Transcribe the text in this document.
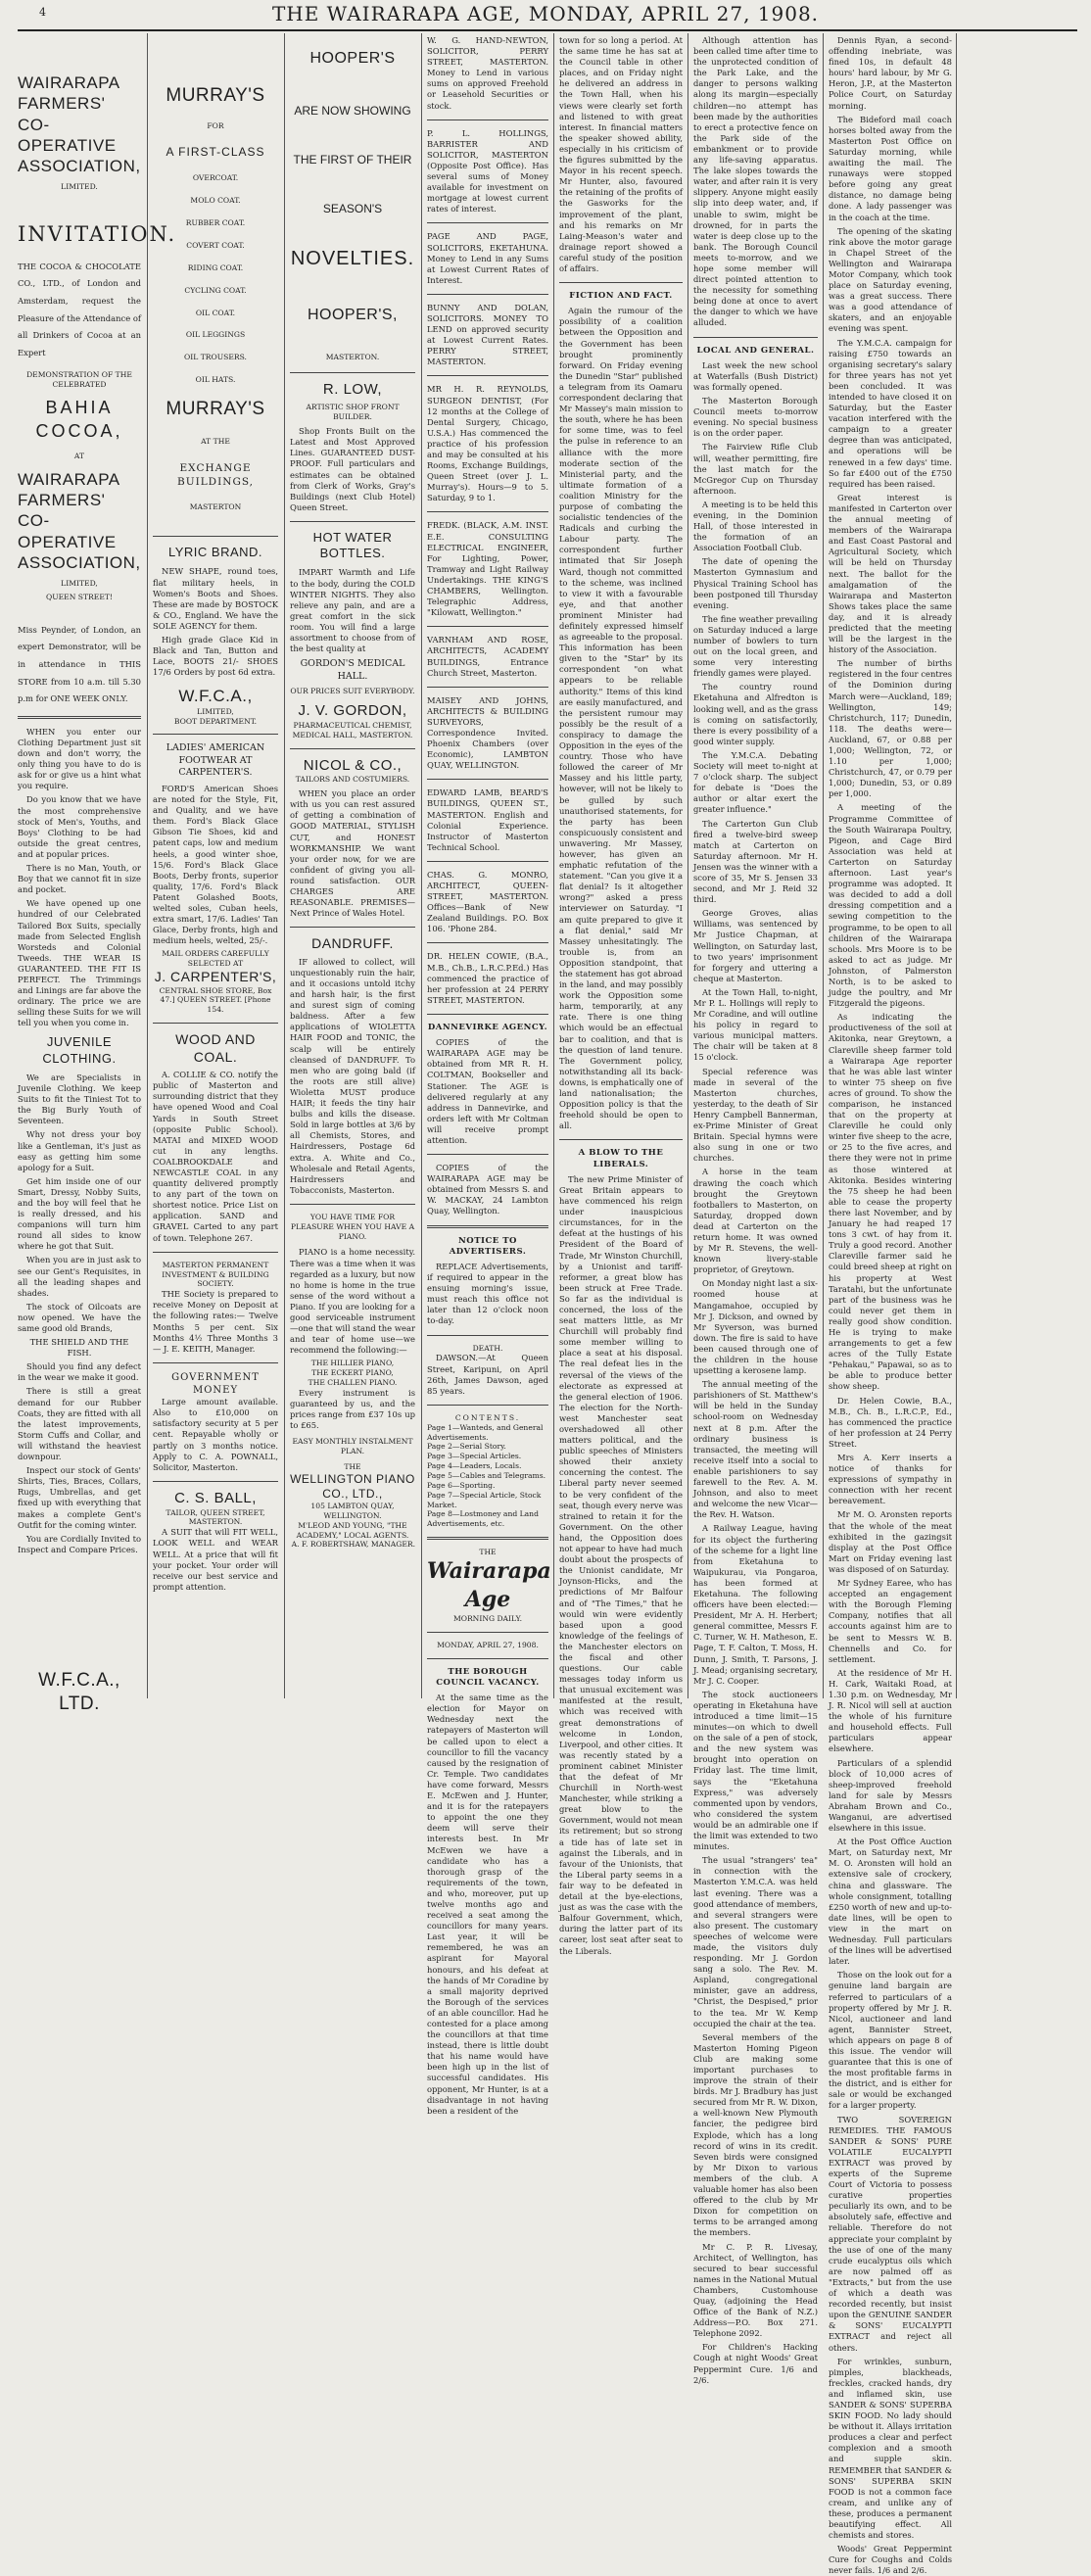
4	THE WAIRARAPA AGE, MONDAY, APRIL 27, 1908.
WAIRARAPA FARMERS' CO-OPERATIVE ASSOCIATION,
LIMITED.
INVITATION.
THE COCOA & CHOCOLATE CO., LTD., of London and Amsterdam, request the Pleasure of the Attendance of all Drinkers of Cocoa at an Expert
DEMONSTRATION OF THE CELEBRATED
BAHIA COCOA,
AT
WAIRARAPA FARMERS' CO-OPERATIVE ASSOCIATION,
LIMITED,
QUEEN STREET!
Miss Peynder, of London, an expert Demonstrator, will be in attendance in THIS STORE from 10 a.m. till 5.30 p.m for ONE WEEK ONLY.

WHEN you enter our Clothing Department just sit down and don't worry, the only thing you have to do is ask for or give us a hint what you require.

Do you know that we have the most comprehensive stock of Men's, Youths, and Boys' Clothing to be had outside the great centres, and at popular prices.

There is no Man, Youth, or Boy that we cannot fit in size and pocket.

We have opened up one hundred of our Celebrated Tailored Box Suits, specially made from Selected English Worsteds and Colonial Tweeds. THE WEAR IS GUARANTEED. THE FIT IS PERFECT. The Trimmings and Linings are far above the ordinary. The price we are selling these Suits for we will tell you when you come in.

JUVENILE CLOTHING.

We are Specialists in Juvenile Clothing. We keep Suits to fit the Tiniest Tot to the Big Burly Youth of Seventeen.

Why not dress your boy like a Gentleman, it's just as easy as getting him some apology for a Suit.

Get him inside one of our Smart, Dressy, Nobby Suits, and the boy will feel that he is really dressed, and his companions will turn him round all sides to know where he got that Suit.

When you are in just ask to see our Gent's Requisites, in all the leading shapes and shades.

The stock of Oilcoats are now opened. We have the same good old Brands,

THE SHIELD AND THE FISH.

Should you find any defect in the wear we make it good.

There is still a great demand for our Rubber Coats, they are fitted with all the latest improvements, Storm Cuffs and Collar, and will withstand the heaviest downpour.

Inspect our stock of Gents' Shirts, Ties, Braces, Collars, Rugs, Umbrellas, and get fixed up with everything that makes a complete Gent's Outfit for the coming winter.

You are Cordially Invited to Inspect and Compare Prices.

W.F.C.A., LTD.
MURRAY'S
FOR
A FIRST-CLASS
OVERCOAT.
MOLO COAT.
RUBBER COAT.
COVERT COAT.
RIDING COAT.
CYCLING COAT.
OIL COAT.
OIL LEGGINGS
OIL TROUSERS.
OIL HATS.
MURRAY'S
AT THE
EXCHANGE BUILDINGS,
MASTERTON
LYRIC BRAND.

NEW SHAPE, round toes, flat military heels, in Women's Boots and Shoes. These are made by BOSTOCK & CO., England. We have the SOLE AGENCY for them.

High grade Glace Kid in Black and Tan, Button and Lace, BOOTS 21/- SHOES 17/6 Orders by post 6d extra.

W.F.C.A.,
LIMITED,
BOOT DEPARTMENT.
LADIES' AMERICAN FOOTWEAR AT CARPENTER'S.

FORD'S American Shoes are noted for the Style, Fit, and Quality, and we have them. Ford's Black Glace Gibson Tie Shoes, kid and patent caps, low and medium heels, a good winter shoe, 15/6. Ford's Black Glace Boots, Derby fronts, superior quality, 17/6. Ford's Black Patent Golashed Boots, welted soles, Cuban heels, extra smart, 17/6. Ladies' Tan Glace, Derby fronts, high and medium heels, welted, 25/-.

MAIL ORDERS CAREFULLY SELECTED AT
J. CARPENTER'S,
CENTRAL SHOE STORE, Box 47.] QUEEN STREET. [Phone 154.
WOOD AND COAL.

A. COLLIE & CO. notify the public of Masterton and surrounding district that they have opened Wood and Coal Yards in South Street (opposite Public School). MATAI and MIXED WOOD cut in any lengths. COALBROOKDALE and NEWCASTLE COAL in any quantity delivered promptly to any part of the town on shortest notice. Price List on application. SAND and GRAVEL Carted to any part of town. Telephone 267.

MASTERTON PERMANENT INVESTMENT & BUILDING SOCIETY.

THE Society is prepared to receive Money on Deposit at the following rates:— Twelve Months 5 per cent. Six Months 4½ Three Months 3 — J. E. KEITH, Manager.

GOVERNMENT MONEY

Large amount available. Also to £10,000 on satisfactory security at 5 per cent. Repayable wholly or partly on 3 months notice. Apply to C. A. POWNALL, Solicitor, Masterton.

C. S. BALL,
TAILOR, QUEEN STREET, MASTERTON.

A SUIT that will FIT WELL, LOOK WELL and WEAR WELL. At a price that will fit your pocket. Your order will receive our best service and prompt attention.

HOOPER'S
ARE NOW SHOWING
THE FIRST OF THEIR
SEASON'S
NOVELTIES.
HOOPER'S,
MASTERTON.
R. LOW,
ARTISTIC SHOP FRONT BUILDER.

Shop Fronts Built on the Latest and Most Approved Lines. GUARANTEED DUST-PROOF. Full particulars and estimates can be obtained from Clerk of Works, Gray's Buildings (next Club Hotel) Queen Street.

HOT WATER BOTTLES.

IMPART Warmth and Life to the body, during the COLD WINTER NIGHTS. They also relieve any pain, and are a great comfort in the sick room. You will find a large assortment to choose from of the best quality at

GORDON'S MEDICAL HALL.
OUR PRICES SUIT EVERYBODY.
J. V. GORDON,
PHARMACEUTICAL CHEMIST, MEDICAL HALL, MASTERTON.
NICOL & CO.,
TAILORS AND COSTUMIERS.

WHEN you place an order with us you can rest assured of getting a combination of GOOD MATERIAL, STYLISH CUT, and HONEST WORKMANSHIP. We want your order now, for we are confident of giving you all-round satisfaction. OUR CHARGES ARE REASONABLE. PREMISES—Next Prince of Wales Hotel.

DANDRUFF.

IF allowed to collect, will unquestionably ruin the hair, and it occasions untold itchy and harsh hair, is the first and surest sign of coming baldness. After a few applications of WIOLETTA HAIR FOOD and TONIC, the scalp will be entirely cleansed of DANDRUFF. To men who are going bald (if the roots are still alive) Wioletta MUST produce HAIR; it feeds the tiny hair bulbs and kills the disease. Sold in large bottles at 3/6 by all Chemists, Stores, and Hairdressers, Postage 6d extra. A. White and Co., Wholesale and Retail Agents, Hairdressers and Tobacconists, Masterton.

YOU HAVE TIME FOR PLEASURE WHEN YOU HAVE A PIANO.

PIANO is a home necessity. There was a time when it was regarded as a luxury, but now no home is home in the true sense of the word without a Piano. If you are looking for a good serviceable instrument—one that will stand the wear and tear of home use—we recommend the following:—

THE HILLIER PIANO,
THE ECKERT PIANO,
THE CHALLEN PIANO.

Every instrument is guaranteed by us, and the prices range from £37 10s up to £65.

EASY MONTHLY INSTALMENT PLAN.
THE
WELLINGTON PIANO CO., LTD.,
105 LAMBTON QUAY, WELLINGTON.
M'LEOD AND YOUNG, "THE ACADEMY," LOCAL AGENTS.
A. F. ROBERTSHAW, MANAGER.
W. G. HAND-NEWTON, SOLICITOR, PERRY STREET, MASTERTON. Money to Lend in various sums on approved Freehold or Leasehold Securities or stock.
P. L. HOLLINGS, BARRISTER AND SOLICITOR, MASTERTON (Opposite Post Office). Has several sums of Money available for investment on mortgage at lowest current rates of interest.
PAGE AND PAGE, SOLICITORS, EKETAHUNA. Money to Lend in any Sums at Lowest Current Rates of Interest.
BUNNY AND DOLAN, SOLICITORS. MONEY TO LEND on approved security at Lowest Current Rates. PERRY STREET, MASTERTON.
MR H. R. REYNOLDS, SURGEON DENTIST, (For 12 months at the College of Dental Surgery, Chicago, U.S.A.) Has commenced the practice of his profession and may be consulted at his Rooms, Exchange Buildings, Queen Street (over J. L. Murray's). Hours—9 to 5. Saturday, 9 to 1.
FREDK. (BLACK, A.M. INST. E.E. CONSULTING ELECTRICAL ENGINEER, For Lighting, Power, Tramway and Light Railway Undertakings. THE KING'S CHAMBERS, Wellington. Telegraphic Address, "Kilowatt, Wellington."
VARNHAM AND ROSE, ARCHITECTS, ACADEMY BUILDINGS, Entrance Church Street, Masterton.
MAISEY AND JOHNS, ARCHITECTS & BUILDING SURVEYORS, Correspondence Invited. Phoenix Chambers (over Economic), LAMBTON QUAY, WELLINGTON.
EDWARD LAMB, BEARD'S BUILDINGS, QUEEN ST., MASTERTON. English and Colonial Experience. Instructor of Masterton Technical School.
CHAS. G. MONRO, ARCHITECT, QUEEN-STREET, MASTERTON. Offices—Bank of New Zealand Buildings. P.O. Box 106. 'Phone 284.
DR. HELEN COWIE, (B.A., M.B., Ch.B., L.R.C.P.Ed.) Has commenced the practice of her profession at 24 PERRY STREET, MASTERTON.
DANNEVIRKE AGENCY.

COPIES of the WAIRARAPA AGE may be obtained from MR R. H. COLTMAN, Bookseller and Stationer. The AGE is delivered regularly at any address in Dannevirke, and orders left with Mr Coltman will receive prompt attention.

COPIES of the WAIRARAPA AGE may be obtained from Messrs S. and W. MACKAY, 24 Lambton Quay, Wellington.

NOTICE TO ADVERTISERS.

REPLACE Advertisements, if required to appear in the ensuing morning's issue, must reach this office not later than 12 o'clock noon to-day.

DEATH.

DAWSON.—At Queen Street, Karipuni, on April 26th, James Dawson, aged 85 years.

CONTENTS.
Page 1—Wanteds, and General Advertisements.
Page 2—Serial Story.
Page 3—Special Articles.
Page 4—Leaders, Locals.
Page 5—Cables and Telegrams.
Page 6—Sporting.
Page 7—Special Article, Stock Market.
Page 8—Lostmoney and Land Advertisements, etc.
THE
Wairarapa Age
MORNING DAILY.
MONDAY, APRIL 27, 1908.
THE BOROUGH COUNCIL VACANCY.

At the same time as the election for Mayor on Wednesday next the ratepayers of Masterton will be called upon to elect a councillor to fill the vacancy caused by the resignation of Cr. Temple. Two candidates have come forward, Messrs E. McEwen and J. Hunter, and it is for the ratepayers to appoint the one they deem will serve their interests best. In Mr McEwen we have a candidate who has a thorough grasp of the requirements of the town, and who, moreover, put up twelve months ago and received a seat among the councillors for many years. Last year, it will be remembered, he was an aspirant for Mayoral honours, and his defeat at the hands of Mr Coradine by a small majority deprived the Borough of the services of an able councillor. Had he contested for a place among the councillors at that time instead, there is little doubt that his name would have been high up in the list of successful candidates. His opponent, Mr Hunter, is at a disadvantage in not having been a resident of the

town for so long a period. At the same time he has sat at the Council table in other places, and on Friday night he delivered an address in the Town Hall, when his views were clearly set forth and listened to with great interest. In financial matters the speaker showed ability, especially in his criticism of the figures submitted by the Mayor in his recent speech. Mr Hunter, also, favoured the retaining of the profits of the Gasworks for the improvement of the plant, and his remarks on Mr Laing-Meason's water and drainage report showed a careful study of the position of affairs.

FICTION AND FACT.

Again the rumour of the possibility of a coalition between the Opposition and the Government has been brought prominently forward. On Friday evening the Dunedin "Star" published a telegram from its Oamaru correspondent declaring that Mr Massey's main mission to the south, where he has been for some time, was to feel the pulse in reference to an alliance with the more moderate section of the Ministerial party, and the ultimate formation of a coalition Ministry for the purpose of combating the socialistic tendencies of the Radicals and curbing the Labour party. The correspondent further intimated that Sir Joseph Ward, though not committed to the scheme, was inclined to view it with a favourable eye, and that another prominent Minister had definitely expressed himself as agreeable to the proposal. This information has been given to the "Star" by its correspondent "on what appears to be reliable authority." Items of this kind are easily manufactured, and the persistent rumour may possibly be the result of a conspiracy to damage the Opposition in the eyes of the country. Those who have followed the career of Mr Massey and his little party, however, will not be likely to be gulled by such unauthorised statements, for the party has been conspicuously consistent and unwavering. Mr Massey, however, has given an emphatic refutation of the statement. "Can you give it a flat denial? Is it altogether wrong?" asked a press interviewer on Saturday. "I am quite prepared to give it a flat denial," said Mr Massey unhesitatingly. The trouble is, from an Opposition standpoint, that the statement has got abroad in the land, and may possibly work the Opposition some harm, temporarily, at any rate. There is one thing which would be an effectual bar to coalition, and that is the question of land tenure. The Government policy, notwithstanding all its back-downs, is emphatically one of land nationalisation; the Opposition policy is that the freehold should be open to all.

A BLOW TO THE LIBERALS.

The new Prime Minister of Great Britain appears to have commenced his reign under inauspicious circumstances, for in the defeat at the hustings of his President of the Board of Trade, Mr Winston Churchill, by a Unionist and tariff-reformer, a great blow has been struck at Free Trade. So far as the individual is concerned, the loss of the seat matters little, as Mr Churchill will probably find some member willing to place a seat at his disposal. The real defeat lies in the reversal of the views of the electorate as expressed at the general election of 1906. The election for the North-west Manchester seat overshadowed all other matters political, and the public speeches of Ministers showed their anxiety concerning the contest. The Liberal party never seemed to be very confident of the seat, though every nerve was strained to retain it for the Government. On the other hand, the Opposition does not appear to have had much doubt about the prospects of the Unionist candidate, Mr Joynson-Hicks, and the predictions of Mr Balfour and of "The Times," that he would win were evidently based upon a good knowledge of the feelings of the Manchester electors on the fiscal and other questions. Our cable messages today inform us that unusual excitement was manifested at the result, which was received with great demonstrations of welcome in London, Liverpool, and other cities. It was recently stated by a prominent cabinet Minister that the defeat of Mr Churchill in North-west Manchester, while striking a great blow to the Government, would not mean its retirement; but so strong a tide has of late set in against the Liberals, and in favour of the Unionists, that the Liberal party seems in a fair way to be defeated in detail at the bye-elections, just as was the case with the Balfour Government, which, during the latter part of its career, lost seat after seat to the Liberals.

Although attention has been called time after time to the unprotected condition of the Park Lake, and the danger to persons walking along its margin—especially children—no attempt has been made by the authorities to erect a protective fence on the Park side of the embankment or to provide any life-saving apparatus. The lake slopes towards the water, and after rain it is very slippery. Anyone might easily slip into deep water, and, if unable to swim, might be drowned, for in parts the water is deep close up to the bank. The Borough Council meets to-morrow, and we hope some member will direct pointed attention to the necessity for something being done at once to avert the danger to which we have alluded.

LOCAL AND GENERAL.

Last week the new school at Waterfalls (Bush District) was formally opened.

The Masterton Borough Council meets to-morrow evening. No special business is on the order paper.

The Fairview Rifle Club will, weather permitting, fire the last match for the McGregor Cup on Thursday afternoon.

A meeting is to be held this evening, in the Dominion Hall, of those interested in the formation of an Association Football Club.

The date of opening the Masterton Gymnasium and Physical Training School has been postponed till Thursday evening.

The fine weather prevailing on Saturday induced a large number of bowlers to turn out on the local green, and some very interesting friendly games were played.

The country round Eketahuna and Alfredton is looking well, and as the grass is coming on satisfactorily, there is every possibility of a good winter supply.

The Y.M.C.A. Debating Society will meet to-night at 7 o'clock sharp. The subject for debate is "Does the author or altar exert the greater influence."

The Carterton Gun Club fired a twelve-bird sweep match at Carterton on Saturday afternoon. Mr H. Jensen was the winner with a score of 35, Mr S. Jensen 33 second, and Mr J. Reid 32 third.

George Groves, alias Williams, was sentenced by Mr Justice Chapman, at Wellington, on Saturday last, to two years' imprisonment for forgery and uttering a cheque at Masterton.

At the Town Hall, to-night, Mr P. L. Hollings will reply to Mr Coradine, and will outline his policy in regard to various municipal matters. The chair will be taken at 8 15 o'clock.

Special reference was made in several of the Masterton churches, yesterday, to the death of Sir Henry Campbell Bannerman, ex-Prime Minister of Great Britain. Special hymns were also sung in one or two churches.

A horse in the team drawing the coach which brought the Greytown footballers to Masterton, on Saturday, dropped down dead at Carterton on the return home. It was owned by Mr R. Stevens, the well-known livery-stable proprietor, of Greytown.

On Monday night last a six-roomed house at Mangamahoe, occupied by Mr J. Dickson, and owned by Mr Syverson, was burned down. The fire is said to have been caused through one of the children in the house upsetting a kerosene lamp.

The annual meeting of the parishioners of St. Matthew's will be held in the Sunday school-room on Wednesday next at 8 p.m. After the ordinary business is transacted, the meeting will receive itself into a social to enable parishioners to say farewell to the Rev. A. M. Johnson, and also to meet and welcome the new Vicar—the Rev. H. Watson.

A Railway League, having for its object the furthering of the scheme for a light line from Eketahuna to Waipukurau, via Pongaroa, has been formed at Eketahuna. The following officers have been elected:—President, Mr A. H. Herbert; general committee, Messrs F. C. Turner, W. H. Matheson, E. Page, T. F. Calton, T. Moss, H. Dunn, J. Smith, T. Parsons, J. J. Mead; organising secretary, Mr J. C. Cooper.

The stock auctioneers operating in Eketahuna have introduced a time limit—15 minutes—on which to dwell on the sale of a pen of stock, and the new system was brought into operation on Friday last. The time limit, says the "Eketahuna Express," was adversely commented upon by vendors, who considered the system would be an admirable one if the limit was extended to two minutes.

The usual "strangers' tea" in connection with the Masterton Y.M.C.A. was held last evening. There was a good attendance of members, and several strangers were also present. The customary speeches of welcome were made, the visitors duly responding. Mr J. Gordon sang a solo. The Rev. M. Aspland, congregational minister, gave an address, "Christ, the Despised," prior to the tea. Mr W. Kemp occupied the chair at the tea.

Several members of the Masterton Homing Pigeon Club are making some important purchases to improve the strain of their birds. Mr J. Bradbury has just secured from Mr R. W. Dixon, a well-known New Plymouth fancier, the pedigree bird Explode, which has a long record of wins in its credit. Seven birds were consigned by Mr Dixon to various members of the club. A valuable homer has also been offered to the club by Mr Dixon for competition on terms to be arranged among the members.

Mr C. P. R. Livesay, Architect, of Wellington, has secured to bear successful names in the National Mutual Chambers, Customhouse Quay, (adjoining the Head Office of the Bank of N.Z.) Address—P.O. Box 271. Telephone 2092.

For Children's Hacking Cough at night Woods' Great Peppermint Cure. 1/6 and 2/6.

Dennis Ryan, a second-offending inebriate, was fined 10s, in default 48 hours' hard labour, by Mr G. Heron, J.P., at the Masterton Police Court, on Saturday morning.

The Bideford mail coach horses bolted away from the Masterton Post Office on Saturday morning, while awaiting the mail. The runaways were stopped before going any great distance, no damage being done. A lady passenger was in the coach at the time.

The opening of the skating rink above the motor garage in Chapel Street of the Wellington and Wairarapa Motor Company, which took place on Saturday evening, was a great success. There was a good attendance of skaters, and an enjoyable evening was spent.

The Y.M.C.A. campaign for raising £750 towards an organising secretary's salary for three years has not yet been concluded. It was intended to have closed it on Saturday, but the Easter vacation interfered with the campaign to a greater degree than was anticipated, and operations will be renewed in a few days' time. So far £400 out of the £750 required has been raised.

Great interest is manifested in Carterton over the annual meeting of members of the Wairarapa and East Coast Pastoral and Agricultural Society, which will be held on Thursday next. The ballot for the amalgamation of the Wairarapa and Masterton Shows takes place the same day, and it is already predicted that the meeting will be the largest in the history of the Association.

The number of births registered in the four centres of the Dominion during March were—Auckland, 189; Wellington, 149; Christchurch, 117; Dunedin, 118. The deaths were—Auckland, 67, or 0.88 per 1,000; Wellington, 72, or 1.10 per 1,000; Christchurch, 47, or 0.79 per 1,000; Dunedin, 53, or 0.89 per 1,000.

A meeting of the Programme Committee of the South Wairarapa Poultry, Pigeon, and Cage Bird Association was held at Carterton on Saturday afternoon. Last year's programme was adopted. It was decided to add a doll dressing competition and a sewing competition to the programme, to be open to all children of the Wairarapa schools. Mrs Moore is to be asked to act as judge. Mr Johnston, of Palmerston North, is to be asked to judge the poultry, and Mr Fitzgerald the pigeons.

As indicating the productiveness of the soil at Akitonka, near Greytown, a Clareville sheep farmer told a Wairarapa Age reporter that he was able last winter to winter 75 sheep on five acres of ground. To show the comparison, he instanced that on the property at Clareville he could only winter five sheep to the acre, or 25 to the five acres, and there they were not in prime as those wintered at Akitonka. Besides wintering the 75 sheep he had been able to cease the property there last November, and by January he had reaped 17 tons 3 cwt. of hay from it. Truly a good record. Another Clareville farmer said he could breed sheep at right on his property at West Taratahi, but the unfortunate part of the business was he could never get them in really good show condition. He is trying to make arrangements to get a few acres of the Tully Estate "Pehakau," Papawai, so as to be able to produce better show sheep.

Dr. Helen Cowie, B.A., M.B., Ch. B., L.R.C.P., Ed., has commenced the practice of her profession at 24 Perry Street.

Mrs A. Kerr inserts a notice of thanks for expressions of sympathy in connection with her recent bereavement.

Mr M. O. Aronsten reports that the whole of the meat exhibited in the gazingsit display at the Post Office Mart on Friday evening last was disposed of on Saturday.

Mr Sydney Earee, who has accepted an engagement with the Borough Fleming Company, notifies that all accounts against him are to be sent to Messrs W. B. Chennells and Co. for settlement.

At the residence of Mr H. H. Cark, Waitaki Road, at 1.30 p.m. on Wednesday, Mr J. R. Nicol will sell at auction the whole of his furniture and household effects. Full particulars appear elsewhere.

Particulars of a splendid block of 10,000 acres of sheep-improved freehold land for sale by Messrs Abraham Brown and Co., Wanganui, are advertised elsewhere in this issue.

At the Post Office Auction Mart, on Saturday next, Mr M. O. Aronsten will hold an extensive sale of crockery, china and glassware. The whole consignment, totalling £250 worth of new and up-to-date lines, will be open to view in the mart on Wednesday. Full particulars of the lines will be advertised later.

Those on the look out for a genuine land bargain are referred to particulars of a property offered by Mr J. R. Nicol, auctioneer and land agent, Bannister Street, which appears on page 8 of this issue. The vendor will guarantee that this is one of the most profitable farms in the district, and is either for sale or would be exchanged for a larger property.

TWO SOVEREIGN REMEDIES. THE FAMOUS SANDER & SONS' PURE VOLATILE EUCALYPTI EXTRACT was proved by experts of the Supreme Court of Victoria to possess curative properties peculiarly its own, and to be absolutely safe, effective and reliable. Therefore do not appreciate your complaint by the use of one of the many crude eucalyptus oils which are now palmed off as "Extracts," but from the use of which a death was recorded recently, but insist upon the GENUINE SANDER & SONS' EUCALYPTI EXTRACT and reject all others.

For wrinkles, sunburn, pimples, blackheads, freckles, cracked hands, dry and inflamed skin, use SANDER & SONS' SUPERBA SKIN FOOD. No lady should be without it. Allays irritation produces a clear and perfect complexion and a smooth and supple skin. REMEMBER that SANDER & SONS' SUPERBA SKIN FOOD is not a common face cream, and unlike any of these, produces a permanent beautifying effect. All chemists and stores.

Woods' Great Peppermint Cure for Coughs and Colds never fails. 1/6 and 2/6.
